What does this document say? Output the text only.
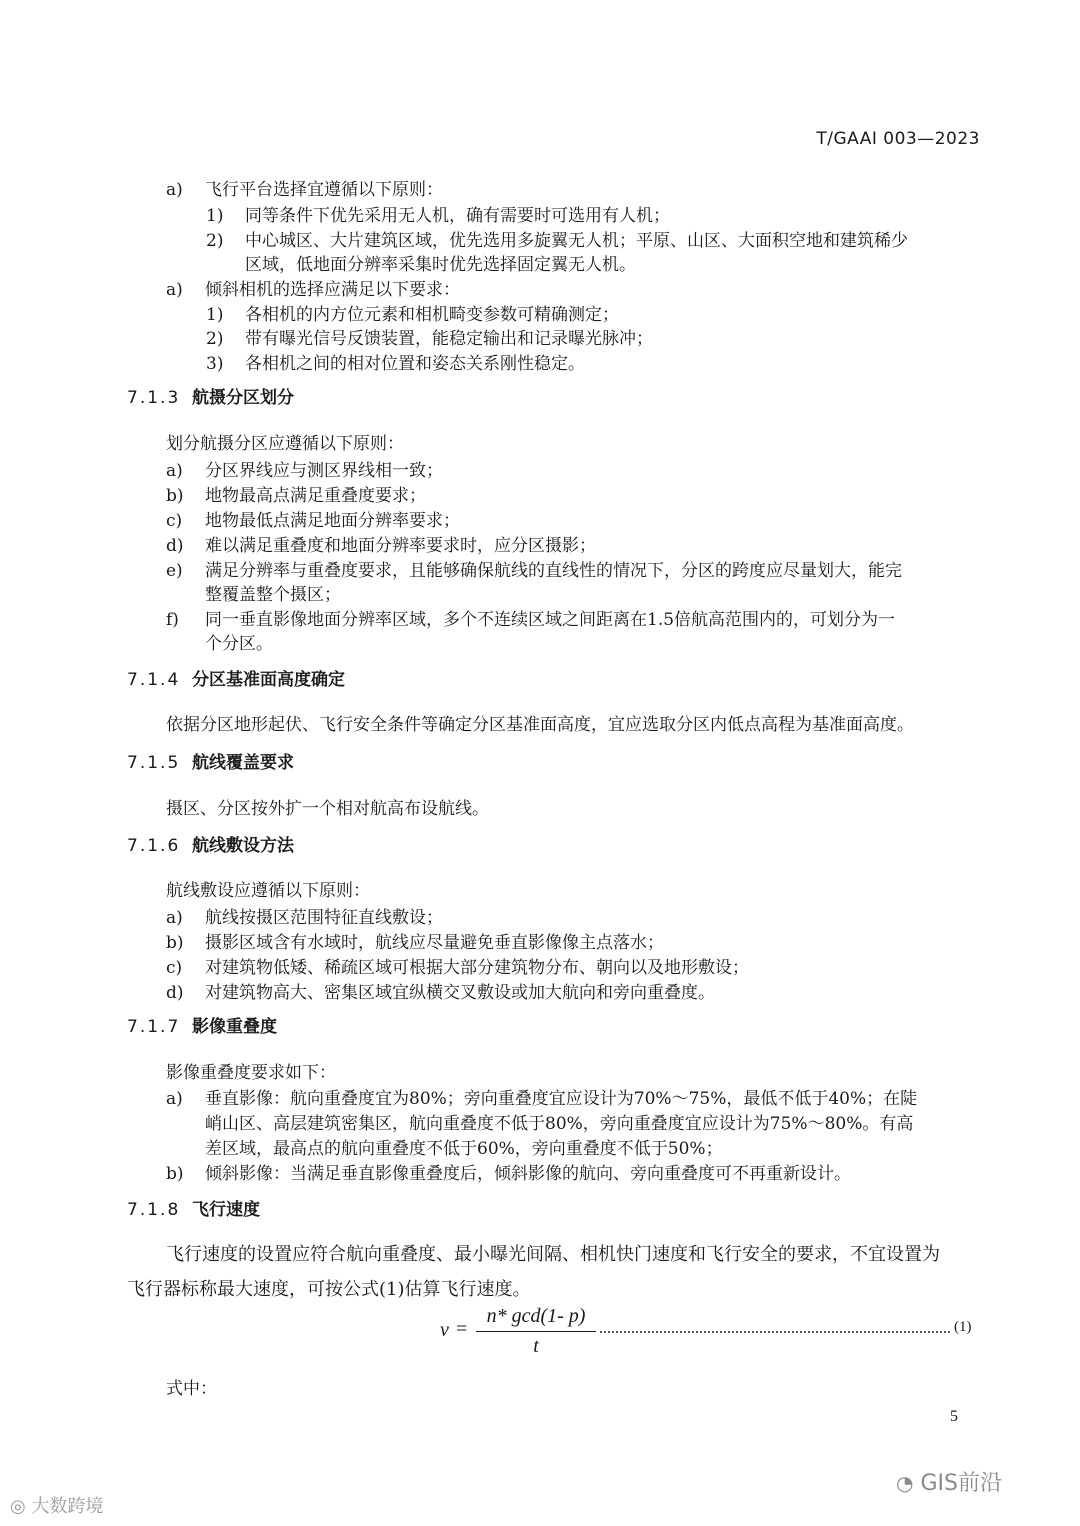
T/GAAI 003—2023
a) 飞行平台选择宜遵循以下原则：
1) 同等条件下优先采用无人机，确有需要时可选用有人机；
2) 中心城区、大片建筑区域，优先选用多旋翼无人机；平原、山区、大面积空地和建筑稀少
区域，低地面分辨率采集时优先选择固定翼无人机。
a) 倾斜相机的选择应满足以下要求：
1) 各相机的内方位元素和相机畸变参数可精确测定；
2) 带有曝光信号反馈装置，能稳定输出和记录曝光脉冲；
3) 各相机之间的相对位置和姿态关系刚性稳定。
7.1.3 航摄分区划分
划分航摄分区应遵循以下原则：
a) 分区界线应与测区界线相一致；
b) 地物最高点满足重叠度要求；
c) 地物最低点满足地面分辨率要求；
d) 难以满足重叠度和地面分辨率要求时，应分区摄影；
e) 满足分辨率与重叠度要求，且能够确保航线的直线性的情况下，分区的跨度应尽量划大，能完
整覆盖整个摄区；
f) 同一垂直影像地面分辨率区域，多个不连续区域之间距离在1.5倍航高范围内的，可划分为一
个分区。
7.1.4 分区基准面高度确定
依据分区地形起伏、飞行安全条件等确定分区基准面高度，宜应选取分区内低点高程为基准面高度。
7.1.5 航线覆盖要求
摄区、分区按外扩一个相对航高布设航线。
7.1.6 航线敷设方法
航线敷设应遵循以下原则：
a) 航线按摄区范围特征直线敷设；
b) 摄影区域含有水域时，航线应尽量避免垂直影像像主点落水；
c) 对建筑物低矮、稀疏区域可根据大部分建筑物分布、朝向以及地形敷设；
d) 对建筑物高大、密集区域宜纵横交叉敷设或加大航向和旁向重叠度。
7.1.7 影像重叠度
影像重叠度要求如下：
a) 垂直影像：航向重叠度宜为80%；旁向重叠度宜应设计为70%～75%，最低不低于40%；在陡
峭山区、高层建筑密集区，航向重叠度不低于80%，旁向重叠度宜应设计为75%～80%。有高
差区域，最高点的航向重叠度不低于60%，旁向重叠度不低于50%；
b) 倾斜影像：当满足垂直影像重叠度后，倾斜影像的航向、旁向重叠度可不再重新设计。
7.1.8 飞行速度
飞行速度的设置应符合航向重叠度、最小曝光间隔、相机快门速度和飞行安全的要求，不宜设置为
飞行器标称最大速度，可按公式(1)估算飞行速度。
v =
n* gcd(1- p)
t
(1)
式中：
5
◎ 大数跨境
◔ GIS前沿
